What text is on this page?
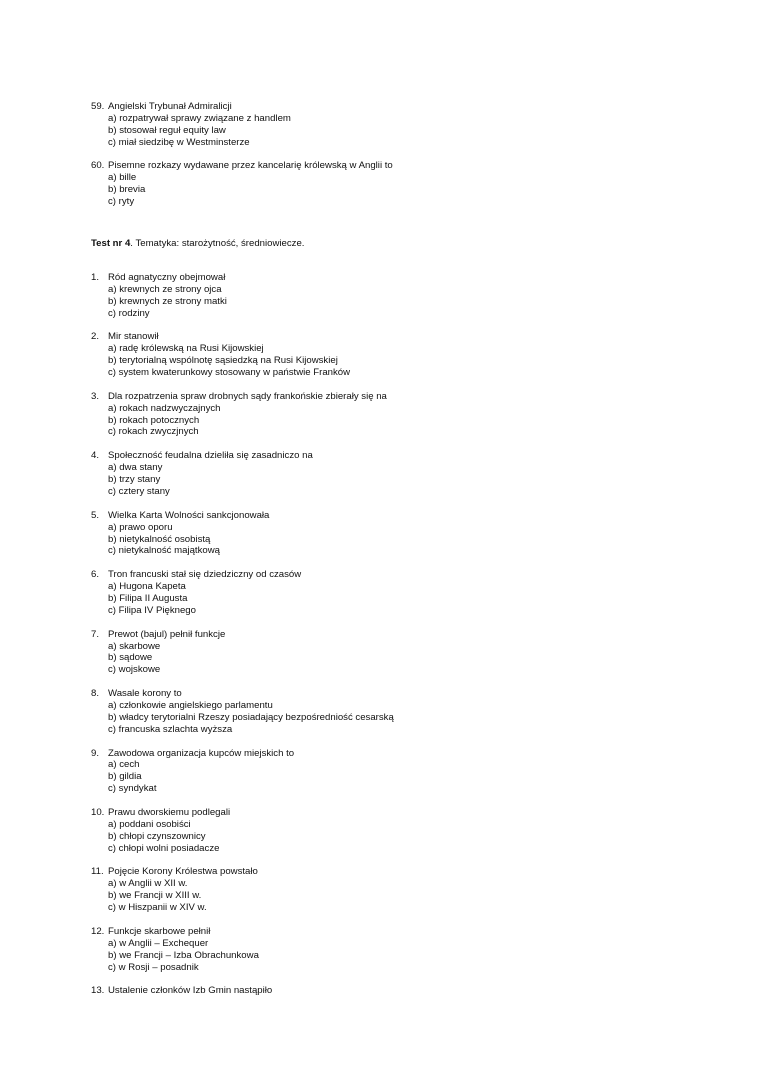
59. Angielski Trybunał Admiralicji
a) rozpatrywał sprawy związane z handlem
b) stosował reguł equity law
c) miał siedzibę w Westminsterze
60. Pisemne rozkazy wydawane przez kancelarię królewską w Anglii to
a) bille
b) brevia
c) ryty
Test nr 4. Tematyka: starożytność, średniowiecze.
1. Ród agnatyczny obejmował
a) krewnych ze strony ojca
b) krewnych ze strony matki
c) rodziny
2. Mir stanowił
a) radę królewską na Rusi Kijowskiej
b) terytorialną wspólnotę sąsiedzką na Rusi Kijowskiej
c) system kwaterunkowy stosowany w państwie Franków
3. Dla rozpatrzenia spraw drobnych sądy frankońskie zbierały się na
a) rokach nadzwyczajnych
b) rokach potocznych
c) rokach zwyczjnych
4. Społeczność feudalna dzieliła się zasadniczo na
a) dwa stany
b) trzy stany
c) cztery stany
5. Wielka Karta Wolności sankcjonowała
a) prawo oporu
b) nietykalność osobistą
c) nietykalność majątkową
6. Tron francuski stał się dziedziczny od czasów
a) Hugona Kapeta
b) Filipa II Augusta
c) Filipa IV Pięknego
7. Prewot (bajul) pełnił funkcje
a) skarbowe
b) sądowe
c) wojskowe
8. Wasale korony to
a) członkowie angielskiego parlamentu
b) władcy terytorialni Rzeszy posiadający bezpośredniość cesarską
c) francuska szlachta wyższa
9. Zawodowa organizacja kupców miejskich to
a) cech
b) gildia
c) syndykat
10. Prawu dworskiemu podlegali
a) poddani osobiści
b) chłopi czynszownicy
c) chłopi wolni posiadacze
11. Pojęcie Korony Królestwa powstało
a) w Anglii w XII w.
b) we Francji w XIII w.
c) w Hiszpanii w XIV w.
12. Funkcje skarbowe pełnił
a) w Anglii – Exchequer
b) we Francji – Izba Obrachunkowa
c) w Rosji – posadnik
13. Ustalenie członków Izb Gmin nastąpiło
